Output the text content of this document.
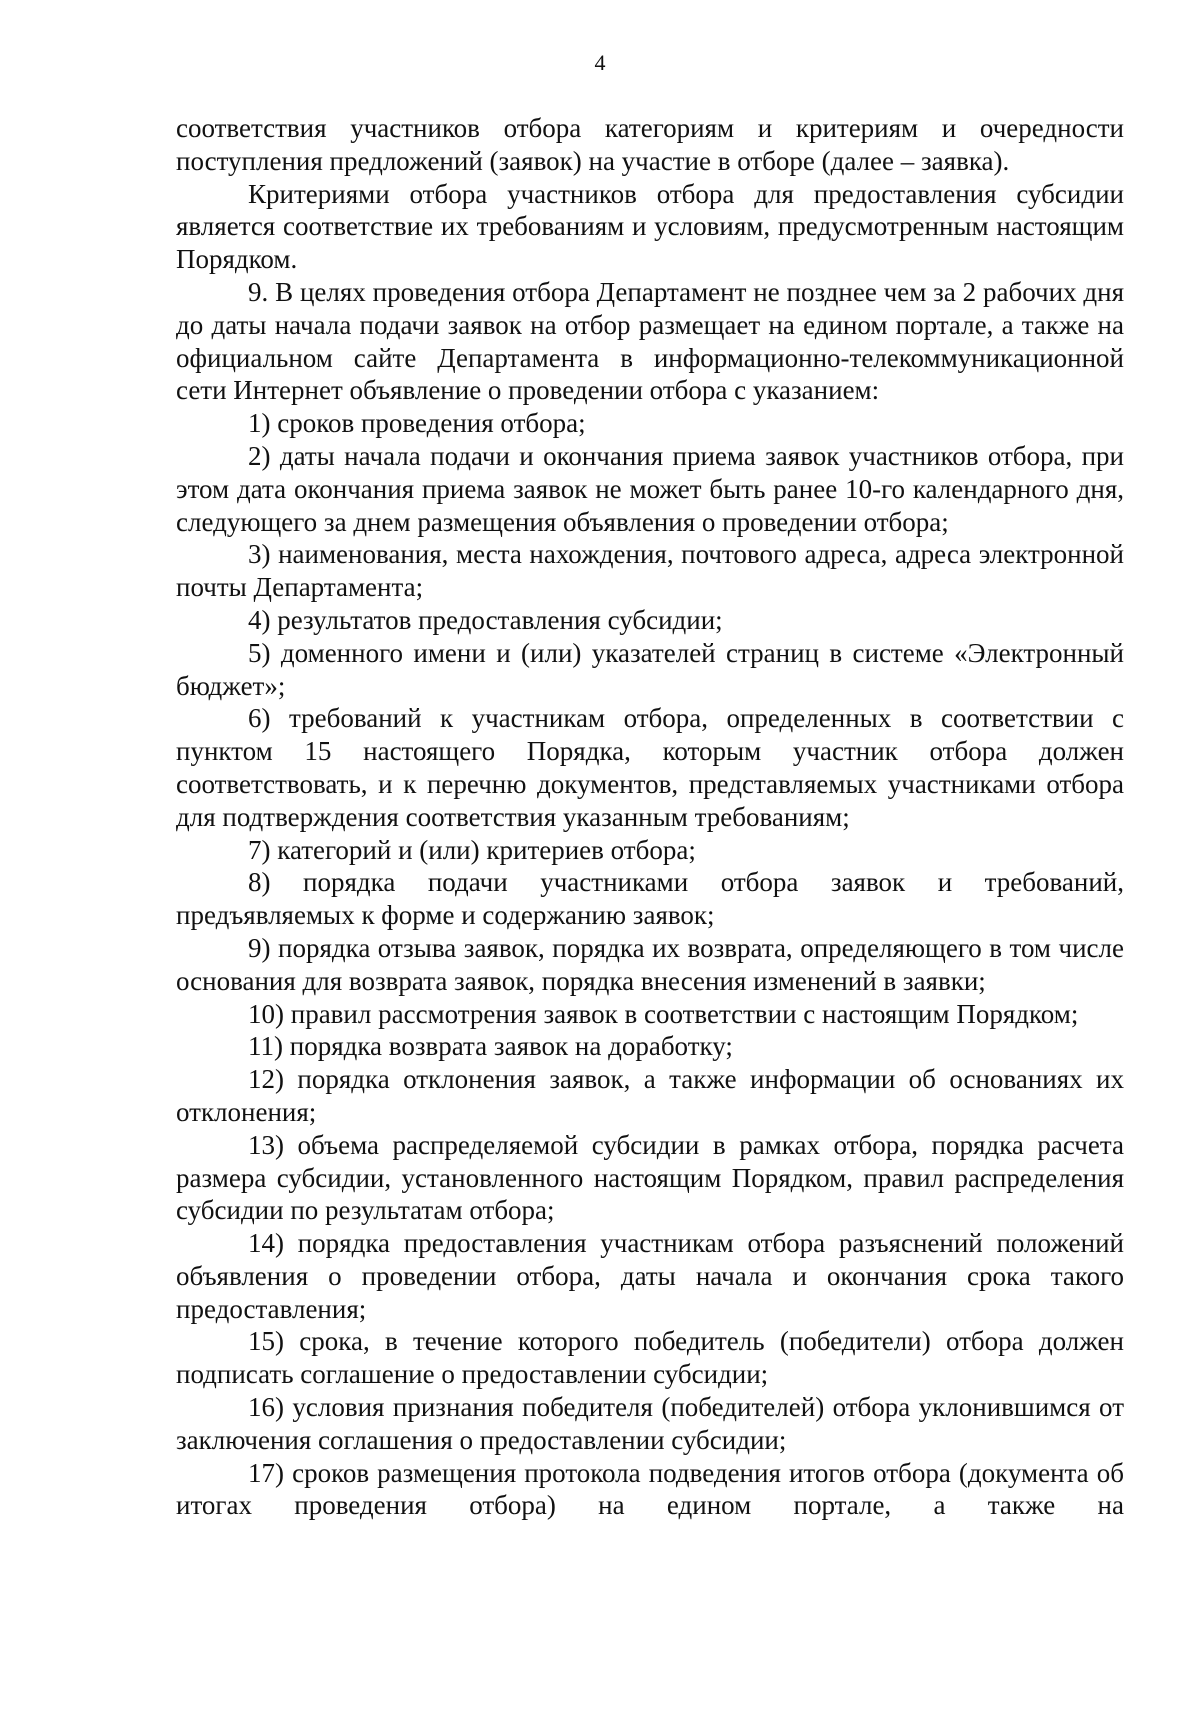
4

соответствия участников отбора категориям и критериям и очередности поступления предложений (заявок) на участие в отборе (далее – заявка).

Критериями отбора участников отбора для предоставления субсидии является соответствие их требованиям и условиям, предусмотренным настоящим Порядком.

9. В целях проведения отбора Департамент не позднее чем за 2 рабочих дня до даты начала подачи заявок на отбор размещает на едином портале, а также на официальном сайте Департамента в информационно-телекоммуникационной сети Интернет объявление о проведении отбора с указанием:

1) сроков проведения отбора;

2) даты начала подачи и окончания приема заявок участников отбора, при этом дата окончания приема заявок не может быть ранее 10-го календарного дня, следующего за днем размещения объявления о проведении отбора;

3) наименования, места нахождения, почтового адреса, адреса электронной почты Департамента;

4) результатов предоставления субсидии;

5) доменного имени и (или) указателей страниц в системе «Электронный бюджет»;

6) требований к участникам отбора, определенных в соответствии с пунктом 15 настоящего Порядка, которым участник отбора должен соответствовать, и к перечню документов, представляемых участниками отбора для подтверждения соответствия указанным требованиям;

7) категорий и (или) критериев отбора;

8) порядка подачи участниками отбора заявок и требований, предъявляемых к форме и содержанию заявок;

9) порядка отзыва заявок, порядка их возврата, определяющего в том числе основания для возврата заявок, порядка внесения изменений в заявки;

10) правил рассмотрения заявок в соответствии с настоящим Порядком;

11) порядка возврата заявок на доработку;

12) порядка отклонения заявок, а также информации об основаниях их отклонения;

13) объема распределяемой субсидии в рамках отбора, порядка расчета размера субсидии, установленного настоящим Порядком, правил распределения субсидии по результатам отбора;

14) порядка предоставления участникам отбора разъяснений положений объявления о проведении отбора, даты начала и окончания срока такого предоставления;

15) срока, в течение которого победитель (победители) отбора должен подписать соглашение о предоставлении субсидии;

16) условия признания победителя (победителей) отбора уклонившимся от заключения соглашения о предоставлении субсидии;

17) сроков размещения протокола подведения итогов отбора (документа об итогах проведения отбора) на едином портале, а также на
